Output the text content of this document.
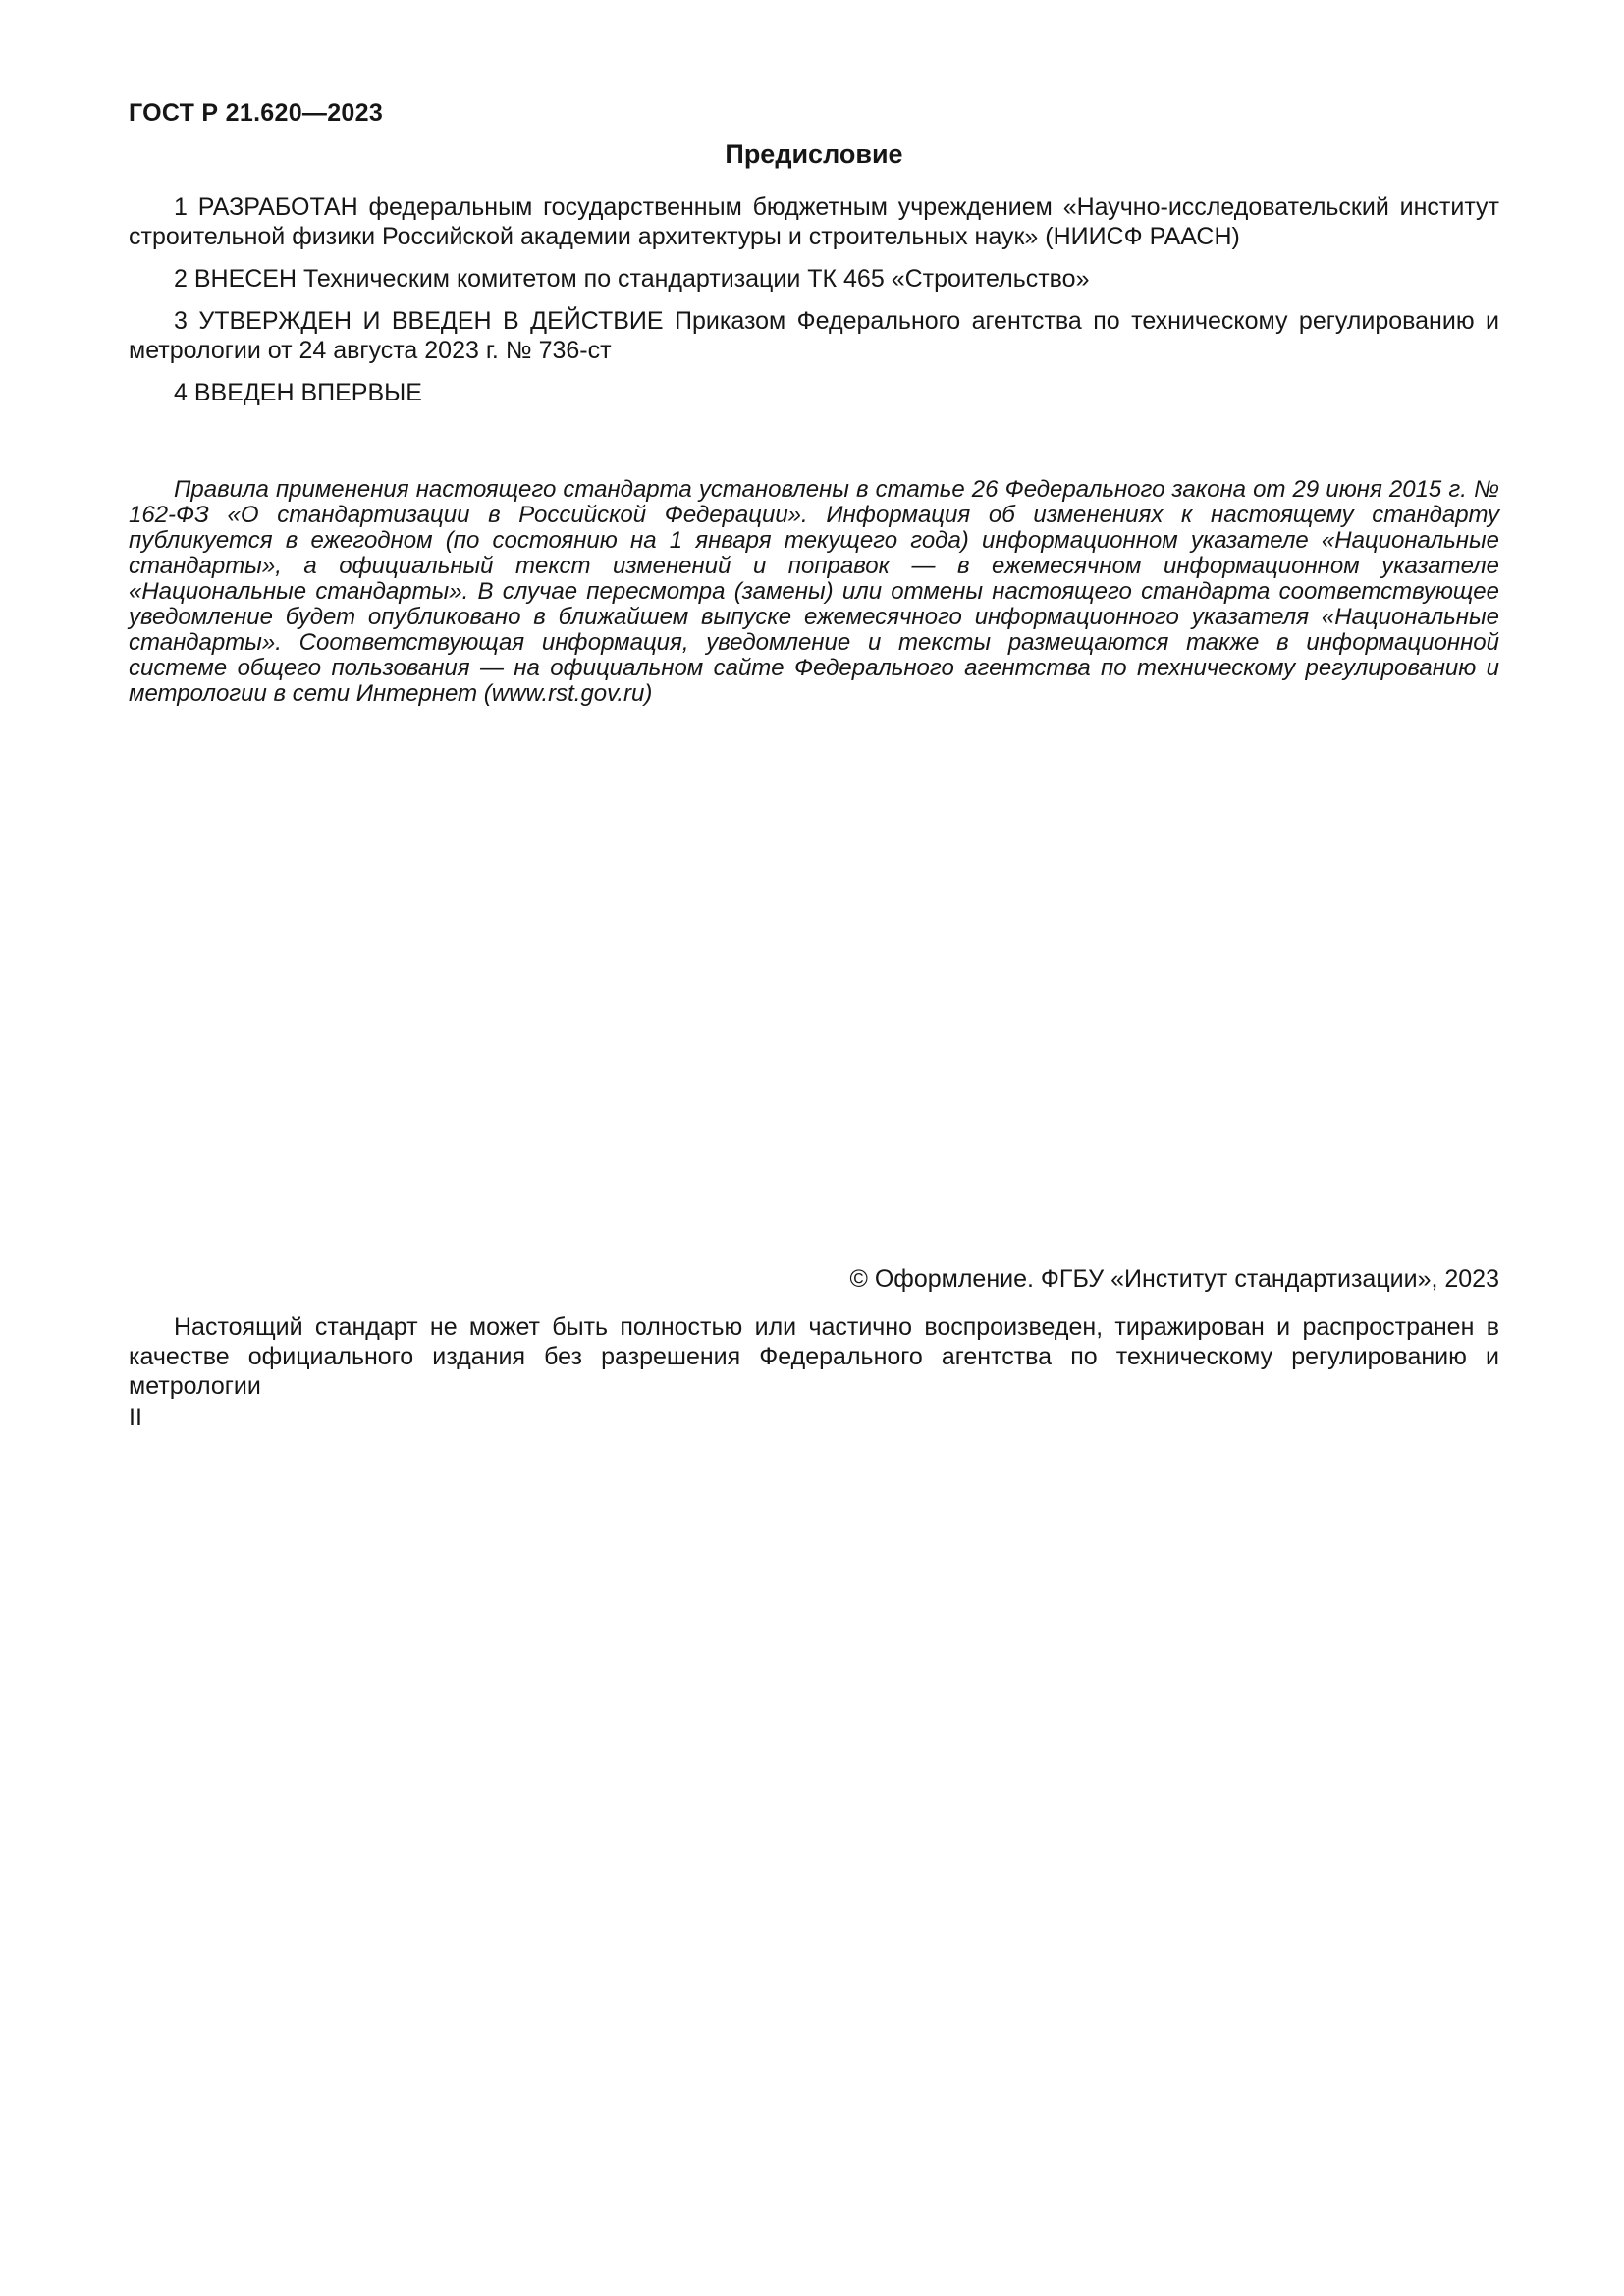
ГОСТ Р 21.620—2023
Предисловие

1 РАЗРАБОТАН федеральным государственным бюджетным учреждением «Научно-исследовательский институт строительной физики Российской академии архитектуры и строительных наук» (НИИСФ РААСН)

2 ВНЕСЕН Техническим комитетом по стандартизации ТК 465 «Строительство»

3 УТВЕРЖДЕН И ВВЕДЕН В ДЕЙСТВИЕ Приказом Федерального агентства по техническому регулированию и метрологии от 24 августа 2023 г. № 736-ст

4 ВВЕДЕН ВПЕРВЫЕ

Правила применения настоящего стандарта установлены в статье 26 Федерального закона от 29 июня 2015 г. № 162-ФЗ «О стандартизации в Российской Федерации». Информация об изменениях к настоящему стандарту публикуется в ежегодном (по состоянию на 1 января текущего года) информационном указателе «Национальные стандарты», а официальный текст изменений и поправок — в ежемесячном информационном указателе «Национальные стандарты». В случае пересмотра (замены) или отмены настоящего стандарта соответствующее уведомление будет опубликовано в ближайшем выпуске ежемесячного информационного указателя «Национальные стандарты». Соответствующая информация, уведомление и тексты размещаются также в информационной системе общего пользования — на официальном сайте Федерального агентства по техническому регулированию и метрологии в сети Интернет (www.rst.gov.ru)
© Оформление. ФГБУ «Институт стандартизации», 2023
Настоящий стандарт не может быть полностью или частично воспроизведен, тиражирован и распространен в качестве официального издания без разрешения Федерального агентства по техническому регулированию и метрологии
II
